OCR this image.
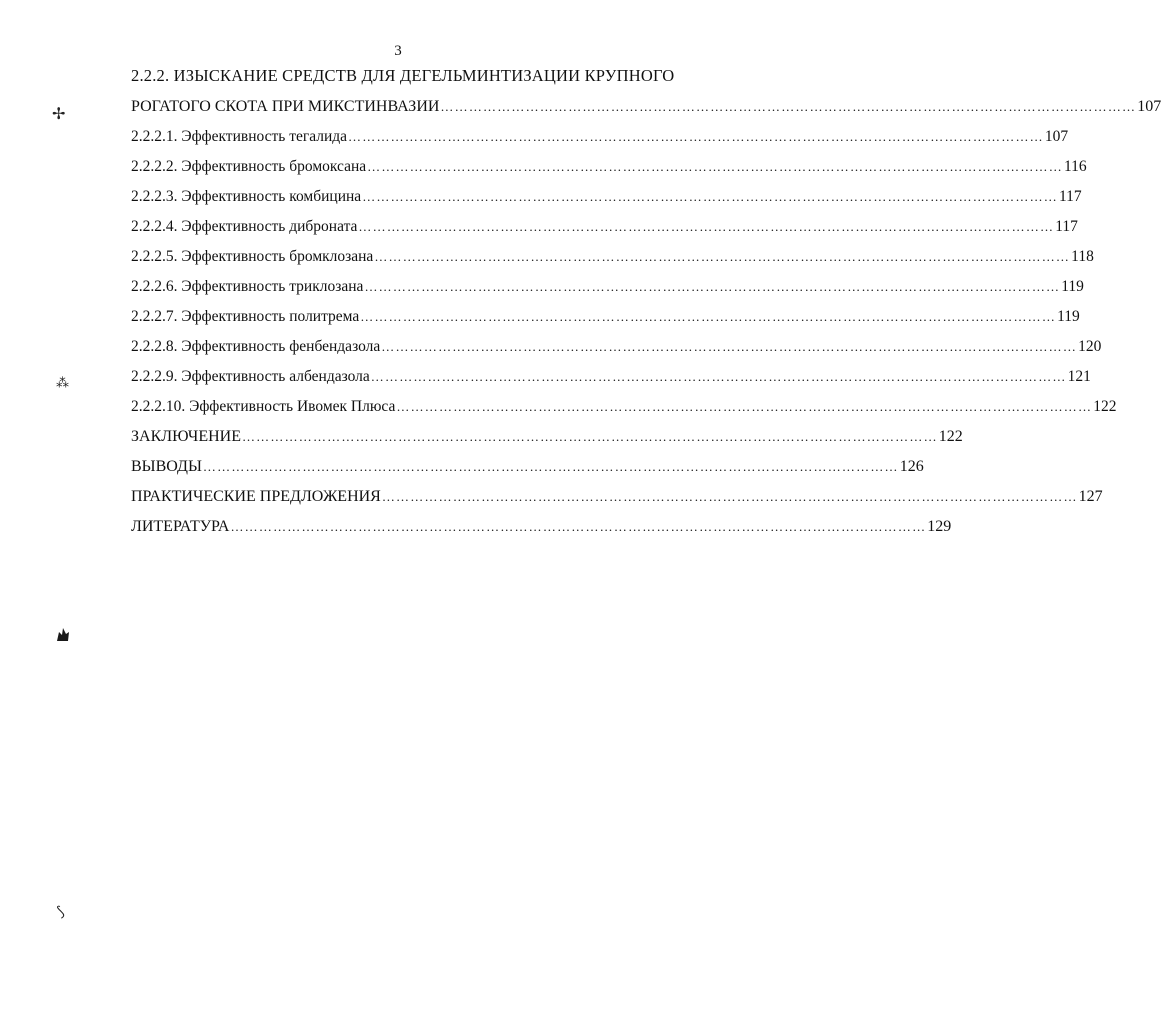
3
2.2.2. ИЗЫСКАНИЕ СРЕДСТВ ДЛЯ ДЕГЕЛЬМИНТИЗАЦИИ КРУПНОГО
РОГАТОГО СКОТА ПРИ МИКСТИНВАЗИИ ………………………………………………………………………………………………………………………………… 107
2.2.2.1. Эффективность тегалида ………………………………………………………………………………………………………………………………… 107
2.2.2.2. Эффективность бромоксана ………………………………………………………………………………………………………………………………… 116
2.2.2.3. Эффективность комбицина ………………………………………………………………………………………………………………………………… 117
2.2.2.4. Эффективность диброната ………………………………………………………………………………………………………………………………… 117
2.2.2.5. Эффективность бромклозана ………………………………………………………………………………………………………………………………… 118
2.2.2.6. Эффективность триклозана ………………………………………………………………………………………………………………………………… 119
2.2.2.7. Эффективность политрема ………………………………………………………………………………………………………………………………… 119
2.2.2.8. Эффективность фенбендазола ………………………………………………………………………………………………………………………………… 120
2.2.2.9. Эффективность албендазола ………………………………………………………………………………………………………………………………… 121
2.2.2.10. Эффективность Ивомек Плюса ………………………………………………………………………………………………………………………………… 122
ЗАКЛЮЧЕНИЕ ………………………………………………………………………………………………………………………………… 122
ВЫВОДЫ ………………………………………………………………………………………………………………………………… 126
ПРАКТИЧЕСКИЕ ПРЕДЛОЖЕНИЯ ………………………………………………………………………………………………………………………………… 127
ЛИТЕРАТУРА ………………………………………………………………………………………………………………………………… 129
✢
⁂
⟆
